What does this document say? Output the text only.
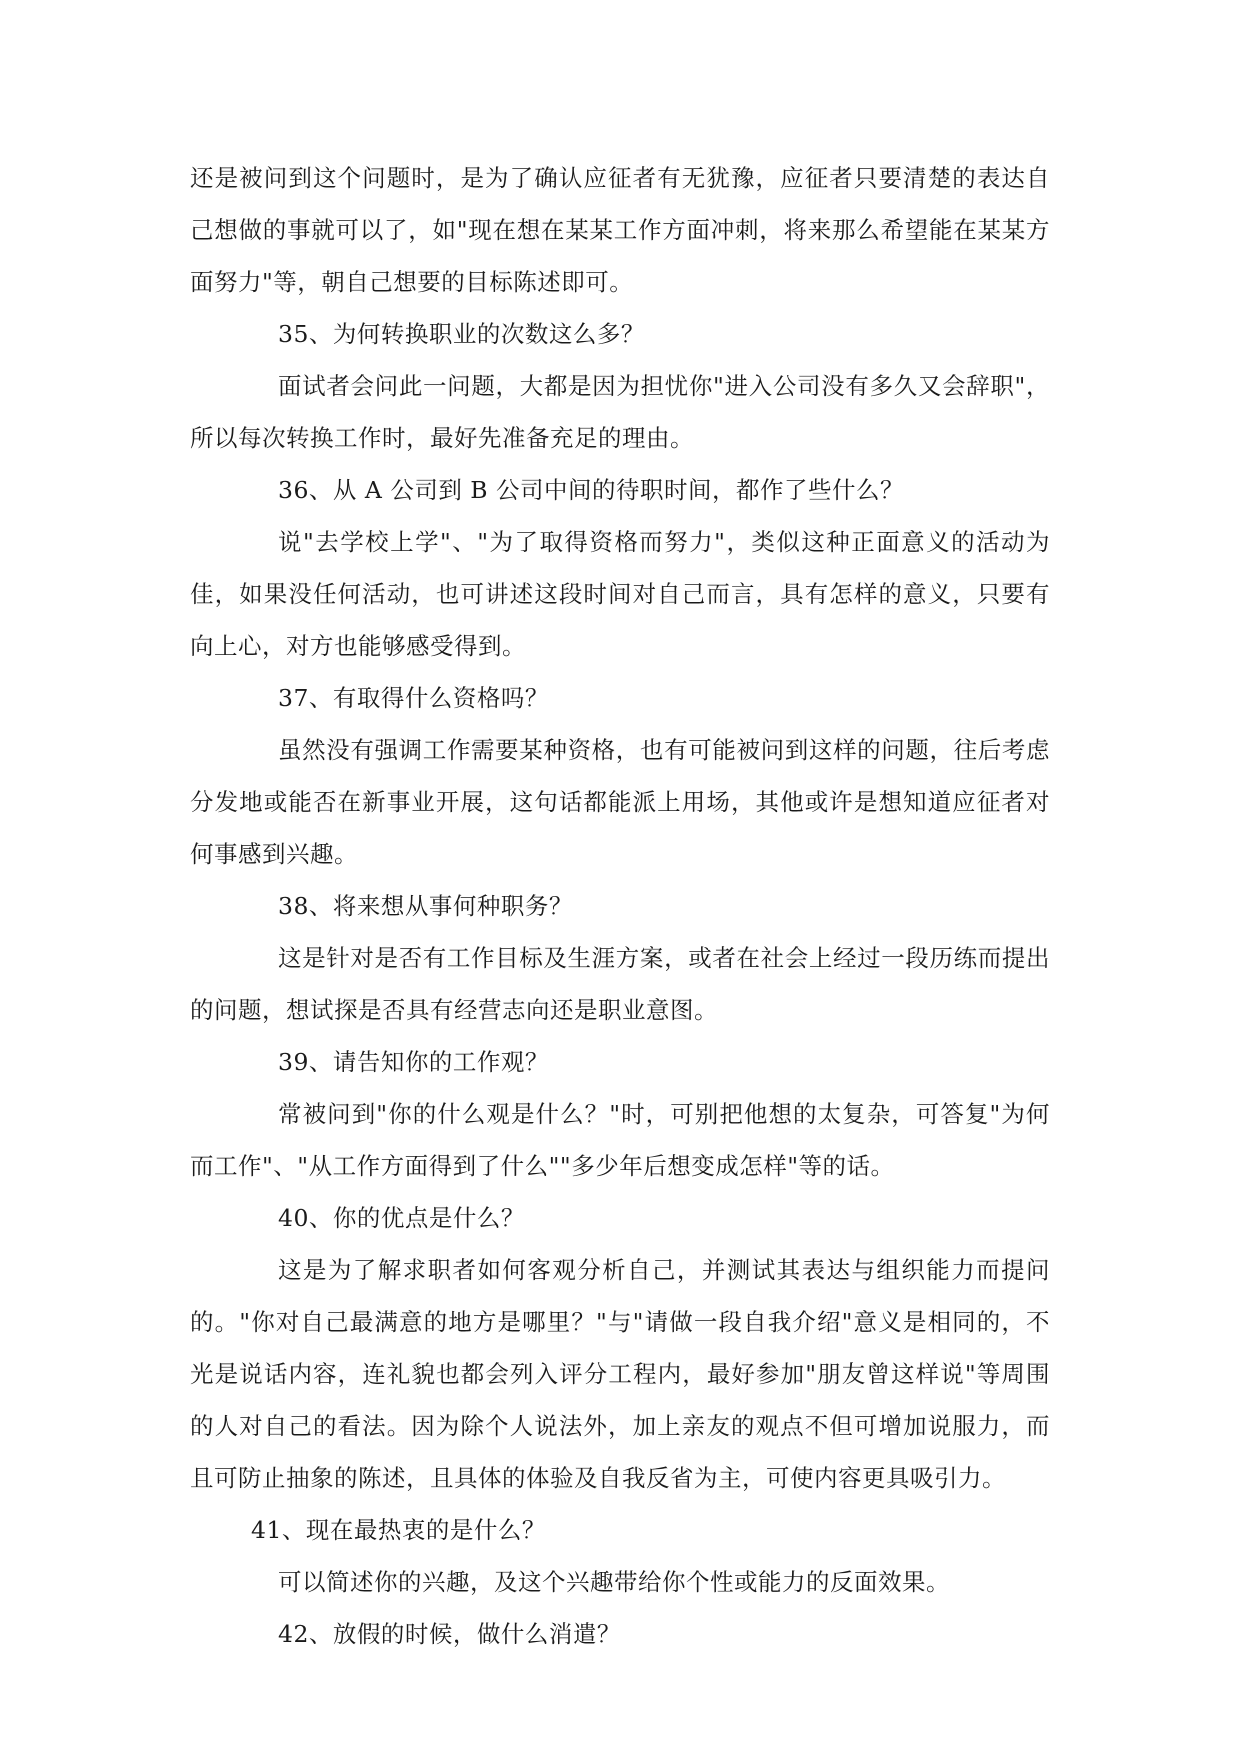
还是被问到这个问题时，是为了确认应征者有无犹豫，应征者只要清楚的表达自己想做的事就可以了，如"现在想在某某工作方面冲刺，将来那么希望能在某某方面努力"等，朝自己想要的目标陈述即可。

35、为何转换职业的次数这么多？

面试者会问此一问题，大都是因为担忧你"进入公司没有多久又会辞职"，所以每次转换工作时，最好先准备充足的理由。

36、从 A 公司到 B 公司中间的待职时间，都作了些什么？

说"去学校上学"、"为了取得资格而努力"，类似这种正面意义的活动为佳，如果没任何活动，也可讲述这段时间对自己而言，具有怎样的意义，只要有向上心，对方也能够感受得到。

37、有取得什么资格吗？

虽然没有强调工作需要某种资格，也有可能被问到这样的问题，往后考虑分发地或能否在新事业开展，这句话都能派上用场，其他或许是想知道应征者对何事感到兴趣。

38、将来想从事何种职务？

这是针对是否有工作目标及生涯方案，或者在社会上经过一段历练而提出的问题，想试探是否具有经营志向还是职业意图。

39、请告知你的工作观？

常被问到"你的什么观是什么？"时，可别把他想的太复杂，可答复"为何而工作"、"从工作方面得到了什么""多少年后想变成怎样"等的话。

40、你的优点是什么？

这是为了解求职者如何客观分析自己，并测试其表达与组织能力而提问的。"你对自己最满意的地方是哪里？"与"请做一段自我介绍"意义是相同的，不光是说话内容，连礼貌也都会列入评分工程内，最好参加"朋友曾这样说"等周围的人对自己的看法。因为除个人说法外，加上亲友的观点不但可增加说服力，而且可防止抽象的陈述，且具体的体验及自我反省为主，可使内容更具吸引力。

41、现在最热衷的是什么？

可以简述你的兴趣，及这个兴趣带给你个性或能力的反面效果。

42、放假的时候，做什么消遣？
